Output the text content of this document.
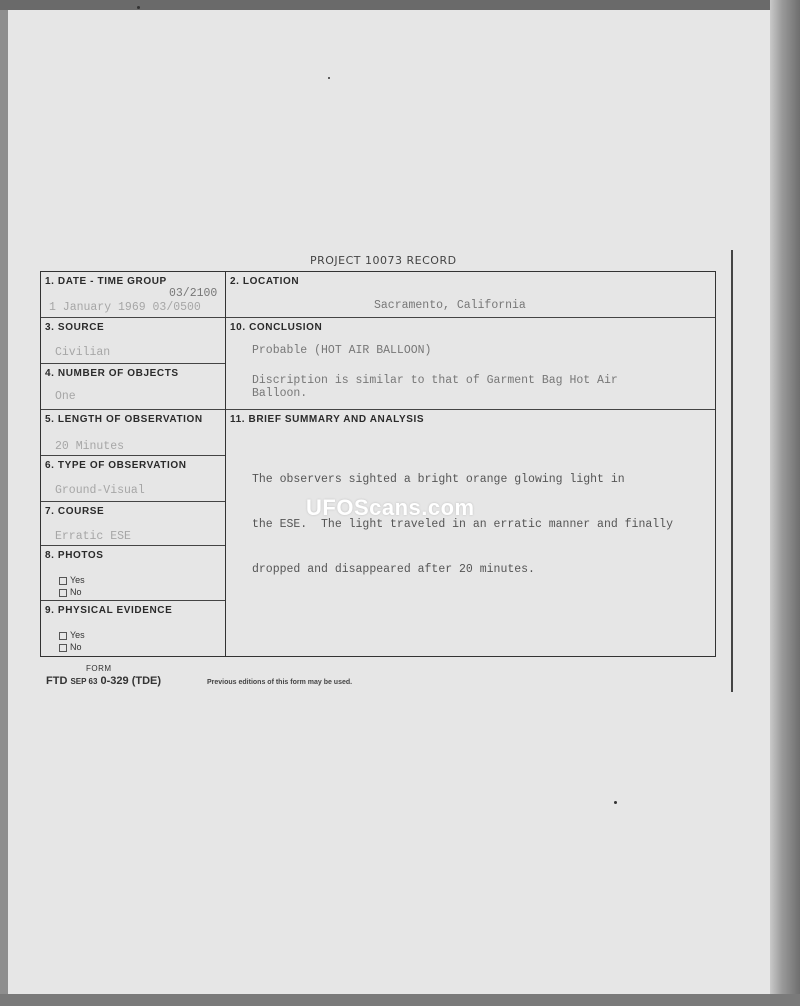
PROJECT 10073 RECORD
1. DATE - TIME GROUP
03/2100
1 January 1969 03/0500
3. SOURCE
Civilian
4. NUMBER OF OBJECTS
One
5. LENGTH OF OBSERVATION
20 Minutes
6. TYPE OF OBSERVATION
Ground-Visual
7. COURSE
Erratic ESE
8. PHOTOS
Yes
No
9. PHYSICAL EVIDENCE
Yes
No
2. LOCATION
Sacramento, California
10. CONCLUSION
Probable (HOT AIR BALLOON)
Discription is similar to that of Garment Bag Hot Air
Balloon.
11. BRIEF SUMMARY AND ANALYSIS

The observers sighted a bright orange glowing light in

the ESE.  The light traveled in an erratic manner and finally

dropped and disappeared after 20 minutes.

UFOScans.com
FORM
FTD SEP 63 0-329 (TDE)	Previous editions of this form may be used.
